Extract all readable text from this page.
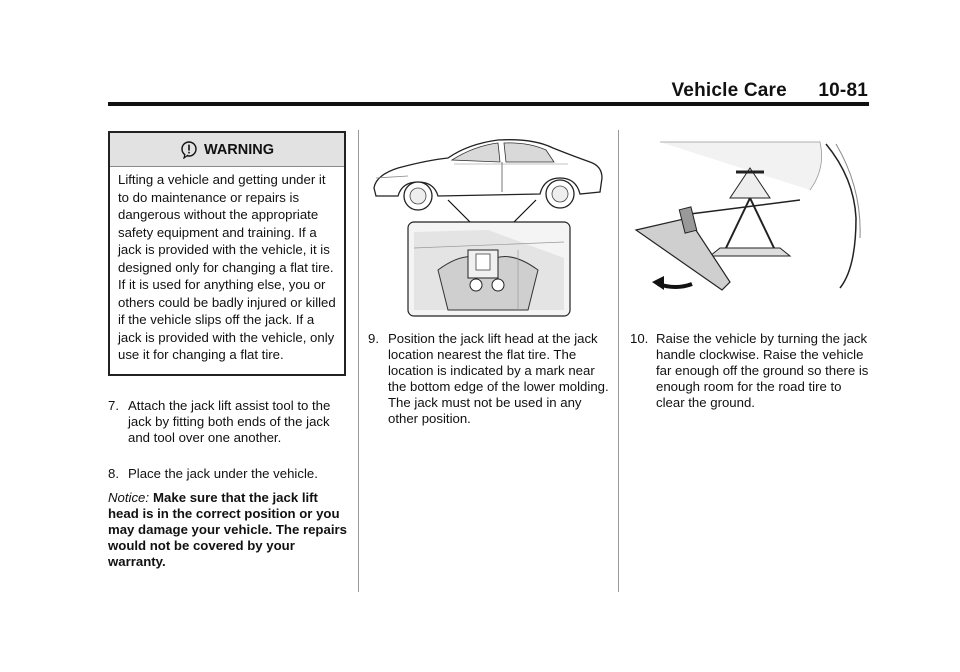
Vehicle Care 10-81
WARNING

Lifting a vehicle and getting under it to do maintenance or repairs is dangerous without the appropriate safety equipment and training. If a jack is provided with the vehicle, it is designed only for changing a flat tire. If it is used for anything else, you or others could be badly injured or killed if the vehicle slips off the jack. If a jack is provided with the vehicle, only use it for changing a flat tire.

7. Attach the jack lift assist tool to the jack by fitting both ends of the jack and tool over one another.
8. Place the jack under the vehicle.
Notice: Make sure that the jack lift head is in the correct position or you may damage your vehicle. The repairs would not be covered by your warranty.
9. Position the jack lift head at the jack location nearest the flat tire. The location is indicated by a mark near the bottom edge of the lower molding. The jack must not be used in any other position.
10. Raise the vehicle by turning the jack handle clockwise. Raise the vehicle far enough off the ground so there is enough room for the road tire to clear the ground.
